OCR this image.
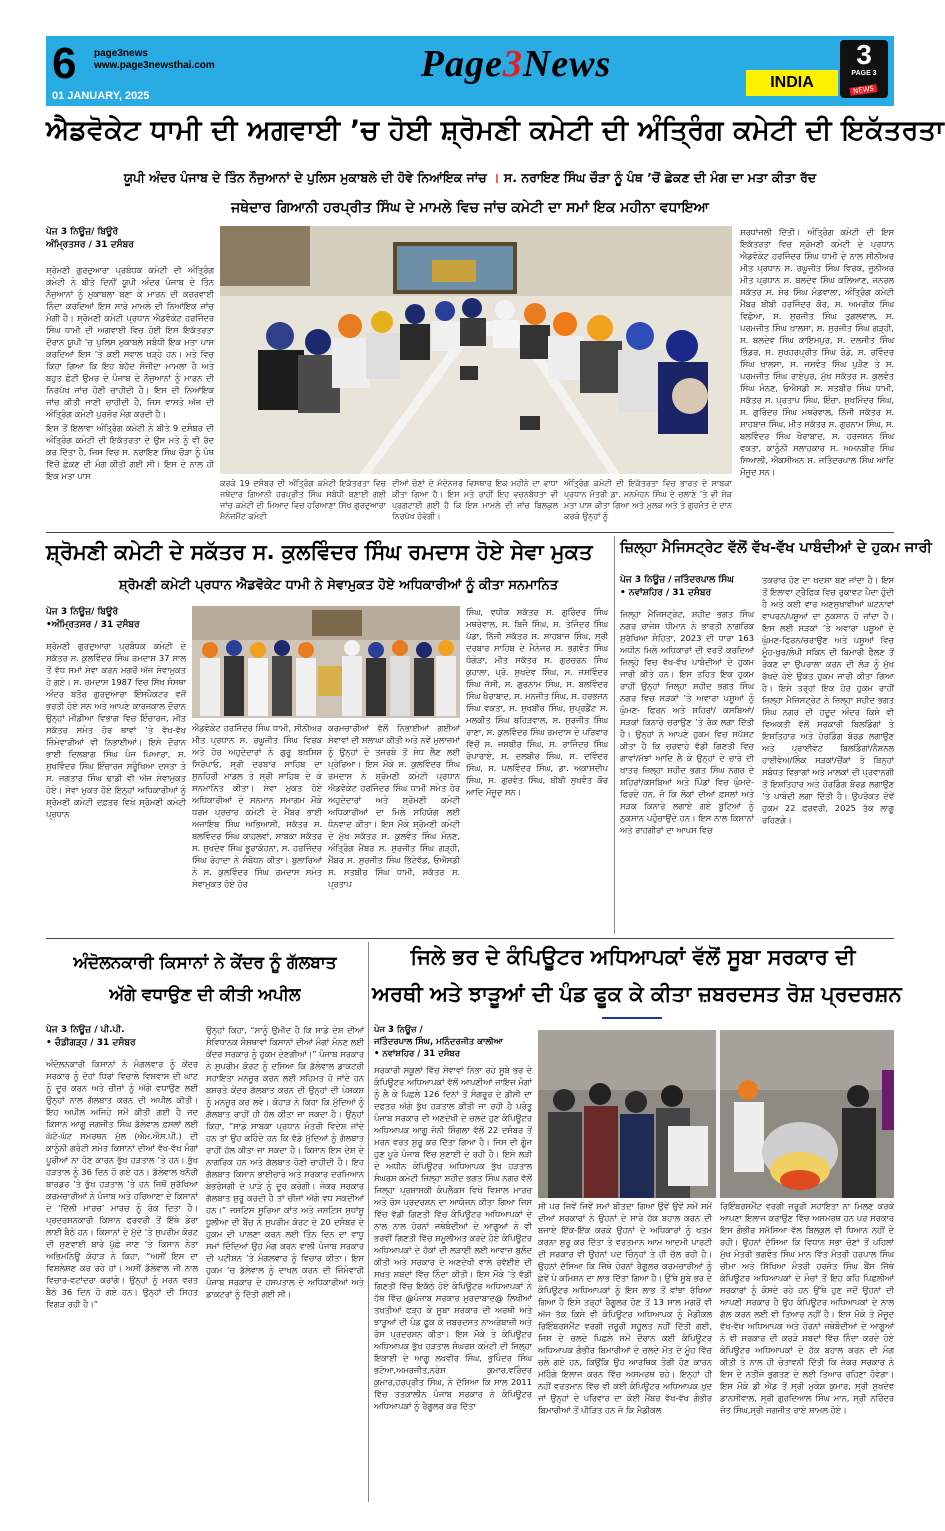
6 page3news
www.page3newsthai.com
01 JANUARY, 2025
Page3News	INDIA
3
PAGE 3
NEWS
ਐਡਵੋਕੇਟ ਧਾਮੀ ਦੀ ਅਗਵਾਈ ’ਚ ਹੋਈ ਸ਼੍ਰੋਮਣੀ ਕਮੇਟੀ ਦੀ ਅੰਤ੍ਰਿੰਗ ਕਮੇਟੀ ਦੀ ਇਕੱਤਰਤਾ
ਯੂਪੀ ਅੰਦਰ ਪੰਜਾਬ ਦੇ ਤਿੰਨ ਨੌਜੁਆਨਾਂ ਦੇ ਪੁਲਿਸ ਮੁਕਾਬਲੇ ਦੀ ਹੋਵੇ ਨਿਆਂਇਕ ਜਾਂਚ । ਸ. ਨਰਾਇਣ ਸਿੰਘ ਚੌੜਾ ਨੂੰ ਪੰਥ ’ਚੋਂ ਛੇਕਣ ਦੀ ਮੰਗ ਦਾ ਮਤਾ ਕੀਤਾ ਰੱਦ
ਜਥੇਦਾਰ ਗਿਆਨੀ ਹਰਪ੍ਰੀਤ ਸਿੰਘ ਦੇ ਮਾਮਲੇ ਵਿਚ ਜਾਂਚ ਕਮੇਟੀ ਦਾ ਸਮਾਂ ਇਕ ਮਹੀਨਾ ਵਧਾਇਆ
ਪੇਜ 3 ਨਿਊਜ਼/ ਬਿਊਰੋ
ਅੰਮ੍ਰਿਤਸਰ / 31 ਦਸੰਬਰ

ਸ਼੍ਰੋਮਣੀ ਗੁਰਦੁਆਰਾ ਪ੍ਰਬੰਧਕ ਕਮੇਟੀ ਦੀ ਅੰਤ੍ਰਿੰਗ ਕਮੇਟੀ ਨੇ ਬੀਤੇ ਦਿਨੀਂ ਯੂਪੀ ਅੰਦਰ ਪੰਜਾਬ ਦੇ ਤਿੰਨ ਨੌਜੁਆਨਾਂ ਨੂੰ ਮੁਕਾਬਲਾ ਬਣਾ ਕੇ ਮਾਰਨ ਦੀ ਕਰਰਵਾਈ ਨਿੰਦਾ ਕਰਦਿਆਂ ਇਸ ਸਾਰੇ ਮਾਮਲੇ ਦੀ ਨਿਆਂਇਕ ਜਾਂਚ ਮੰਗੀ ਹੈ। ਸ਼੍ਰੋਮਣੀ ਕਮੇਟੀ ਪ੍ਰਧਾਨ ਐਡਵੋਕੇਟ ਹਰਜਿੰਦਰ ਸਿੰਘ ਧਾਮੀ ਦੀ ਅਗਵਾਈ ਵਿਚ ਹੋਈ ਇਸ ਇਕੱਤਰਤਾ ਦੌਰਾਨ ਯੂਪੀ ’ਚ ਪੁਲਿਸ ਮੁਕਾਬਲੇ ਸਬੰਧੀ ਇਕ ਮਤਾ ਪਾਸ ਕਰਦਿਆਂ ਇਸ ’ਤੇ ਕਈ ਸਵਾਲ ਖੜ੍ਹੇ ਹਨ। ਮਤੇ ਵਿਚ ਕਿਹਾ ਗਿਆ ਕਿ ਇਹ ਬੇਹੱਦ ਸੰਜੀਦਾ ਮਾਮਲਾ ਹੈ ਅਤੇ ਬਹੁਤ ਛੋਟੀ ਉਮਰ ਦੇ ਪੰਜਾਬ ਦੇ ਨੌਜੁਆਨਾਂ ਨੂੰ ਮਾਰਨ ਦੀ ਨਿਰਪੱਖ ਜਾਂਚ ਹੋਣੀ ਚਾਹੀਦੀ ਹੈ। ਇਸ ਦੀ ਨਿਆਂਇਕ ਜਾਂਚ ਕੀਤੀ ਜਾਣੀ ਚਾਹੀਦੀ ਹੈ, ਜਿਸ ਵਾਸਤੇ ਅੱਜ ਦੀ ਅੰਤ੍ਰਿੰਗ ਕਮੇਟੀ ਪੁਰਜ਼ੋਰ ਮੰਗ ਕਰਦੀ ਹੈ।

ਇਸ ਤੋਂ ਇਲਾਵਾ ਅੰਤ੍ਰਿੰਗ ਕਮੇਟੀ ਨੇ ਬੀਤੇ 9 ਦਸੰਬਰ ਦੀ ਅੰਤ੍ਰਿੰਗ ਕਮੇਟੀ ਦੀ ਇਕੱਤਰਤਾ ਦੇ ਉਸ ਮਤੇ ਨੂੰ ਵੀ ਰੱਦ ਕਰ ਦਿੱਤਾ ਹੈ, ਜਿਸ ਵਿਚ ਸ. ਨਰਾਇਣ ਸਿੰਘ ਚੌੜਾ ਨੂੰ ਪੰਥ ਵਿੱਚੋਂ ਛੇਕਣ ਦੀ ਮੰਗ ਕੀਤੀ ਗਈ ਸੀ। ਇਸ ਦੇ ਨਾਲ ਹੀ ਇਕ ਮਤਾ ਪਾਸ

ਕਰਕੇ 19 ਦਸੰਬਰ ਦੀ ਅੰਤ੍ਰਿੰਗ ਕਮੇਟੀ ਇਕੱਤਰਤਾ ਵਿਚ ਜਥੇਦਾਰ ਗਿਆਨੀ ਹਰਪ੍ਰੀਤ ਸਿੰਘ ਸਬੰਧੀ ਬਣਾਈ ਗਈ ਜਾਂਚ ਕਮੇਟੀ ਦੀ ਮਿਆਦ ਵਿਚ ਹਰਿਆਣਾ ਸਿੱਖ ਗੁਰਦੁਆਰਾ ਮੈਨੇਜਮੈਂਟ ਕਮੇਟੀ
ਦੀਆਂ ਚੋਣਾਂ ਦੇ ਮੱਦੇਨਜ਼ਰ ਵਿਸਥਾਰ ਇਕ ਮਹੀਨੇ ਦਾ ਵਾਧਾ ਕੀਤਾ ਗਿਆ ਹੈ। ਇਸ ਮਤੇ ਰਾਹੀਂ ਇਹ ਵਚਨਬੱਧਤਾ ਵੀ ਪ੍ਰਗਟਾਈ ਗਈ ਹੈ ਕਿ ਇਸ ਮਾਮਲੇ ਦੀ ਜਾਂਚ ਬਿਲਕੁਲ ਨਿਰਪੱਖ ਹੋਵੇਗੀ।
ਅੰਤ੍ਰਿੰਗ ਕਮੇਟੀ ਦੀ ਇਕੱਤਰਤਾ ਵਿਚ ਭਾਰਤ ਦੇ ਸਾਬਕਾ ਪ੍ਰਧਾਨ ਮੰਤਰੀ ਡਾ. ਮਨਮੋਹਨ ਸਿੰਘ ਦੇ ਚਲਾਣੇ ’ਤੇ ਵੀ ਸ਼ੋਕ ਮਤਾ ਪਾਸ ਕੀਤਾ ਗਿਆ ਅਤੇ ਮੁਲਕ ਅਤੇ ਤੇ ਗੁਰਮੰਤ ਦੇ ਦਾਨ ਕਰਕੇ ਉਨ੍ਹਾਂ ਨੂੰ
ਸ਼ਰਧਾਂਜਲੀ ਦਿੱਤੀ। ਅੰਤ੍ਰਿੰਗ ਕਮੇਟੀ ਦੀ ਇਸ ਇਕੱਤਰਤਾ ਵਿਚ ਸ਼੍ਰੋਮਣੀ ਕਮੇਟੀ ਦੇ ਪ੍ਰਧਾਨ ਐਡਵੋਕੇਟ ਹਰਜਿੰਦਰ ਸਿੰਘ ਧਾਮੀ ਦੇ ਨਾਲ ਸੀਨੀਅਰ ਮੀਤ ਪ੍ਰਧਾਨ ਸ. ਰਘੂਜੀਤ ਸਿੰਘ ਵਿਰਕ, ਜੂਨੀਅਰ ਮੀਤ ਪ੍ਰਧਾਨ ਸ. ਬਲਦੇਵ ਸਿੰਘ ਕਲਿਆਣ, ਜਨਰਲ ਸਕੱਤਰ ਸ. ਸ਼ੇਰ ਸਿੰਘ ਮੰਡਵਾਲਾ, ਅੰਤ੍ਰਿੰਗ ਕਮੇਟੀ ਮੈਂਬਰ ਬੀਬੀ ਹਰਜਿੰਦਰ ਕੌਰ, ਸ. ਅਮਰੀਕ ਸਿੰਘ ਵਿਛੋਆ, ਸ. ਸੁਰਜੀਤ ਸਿੰਘ ਤੁਗਲਵਾਲ, ਸ. ਪਰਮਜੀਤ ਸਿੰਘ ਖ਼ਾਲਸਾ, ਸ. ਸੁਰਜੀਤ ਸਿੰਘ ਗੜ੍ਹੀ, ਸ. ਬਲਦੇਵ ਸਿੰਘ ਕਾਇਮਪੁਰ, ਸ. ਦਲਜੀਤ ਸਿੰਘ ਭਿੰਡਰ, ਸ. ਸੁਖਹਰਪ੍ਰੀਤ ਸਿੰਘ ਰੋਡੇ, ਸ. ਰਵਿੰਦਰ ਸਿੰਘ ਖ਼ਾਲਸਾ, ਸ. ਜਸਵੰਤ ਸਿੰਘ ਪੁੜੈਣ ਤੇ ਸ. ਪਰਮਜੀਤ ਸਿੰਘ ਰਾਏਪੁਰ, ਮੁੱਖ ਸਕੱਤਰ ਸ. ਕੁਲਵੰਤ ਸਿੰਘ ਮੰਨਣ, ਓਐਸਡੀ ਸ. ਸਤਬੀਰ ਸਿੰਘ ਧਾਮੀ, ਸਕੱਤਰ ਸ. ਪ੍ਰਤਾਪ ਸਿੰਘ, ਇੰਚਾ. ਸੁਖਮਿੰਦਰ ਸਿੰਘ, ਸ. ਗੁਰਿੰਦਰ ਸਿੰਘ ਮਥਰੇਵਾਲ, ਨਿੱਜੀ ਸਕੱਤਰ ਸ. ਸ਼ਾਹਬਾਜ਼ ਸਿੰਘ, ਮੀਤ ਸਕੱਤਰ ਸ. ਗੁਰਨਾਮ ਸਿੰਘ, ਸ. ਬਲਵਿੰਦਰ ਸਿੰਘ ਖੈਰਾਬਾਦ, ਸ. ਹਰਜਸ਼ਨ ਸਿੰਘ ਵਕਤਾ, ਕਾਨੂੰਨੀ ਸਲਾਹਕਾਰ ਸ. ਅਮਨਬੀਰ ਸਿੰਘ ਸਿਆਲੀ, ਐਕਸੀਅਨ ਸ. ਜਤਿੰਦਰਪਾਲ ਸਿੰਘ ਆਦਿ ਮੌਜੂਦ ਸਨ।
ਸ਼੍ਰੋਮਣੀ ਕਮੇਟੀ ਦੇ ਸਕੱਤਰ ਸ. ਕੁਲਵਿੰਦਰ ਸਿੰਘ ਰਮਦਾਸ ਹੋਏ ਸੇਵਾ ਮੁਕਤ
ਸ਼੍ਰੋਮਣੀ ਕਮੇਟੀ ਪ੍ਰਧਾਨ ਐਡਵੋਕੇਟ ਧਾਮੀ ਨੇ ਸੇਵਾਮੁਕਤ ਹੋਏ ਅਧਿਕਾਰੀਆਂ ਨੂੰ ਕੀਤਾ ਸਨਮਾਨਿਤ
ਪੇਜ 3 ਨਿਊਜ਼/ ਬਿਊਰੋ
•ਅੰਮ੍ਰਿਤਸਰ / 31 ਦਸੰਬਰ
ਸ਼੍ਰੋਮਣੀ ਗੁਰਦੁਆਰਾ ਪ੍ਰਬੰਧਕ ਕਮੇਟੀ ਦੇ ਸਕੱਤਰ ਸ. ਕੁਲਵਿੰਦਰ ਸਿੰਘ ਰਮਦਾਸ 37 ਸਾਲ ਤੋਂ ਵੱਧ ਸਮਾਂ ਸੇਵਾ ਕਰਨ ਮਗਰੋਂ ਅੱਜ ਸੇਵਾਮੁਕਤ ਹੋ ਗਏ। ਸ. ਰਮਦਾਸ 1987 ਵਿਚ ਸਿੱਖ ਸੰਸਥਾ ਅੰਦਰ ਬਤੌਰ ਗੁਰਦੁਆਰਾ ਇੰਸਪੈਕਟਰ ਵਜੋਂ ਭਰਤੀ ਹੋਏ ਸਨ ਅਤੇ ਆਪਣੇ ਕਾਰਜਕਾਲ ਦੌਰਾਨ ਉਨ੍ਹਾਂ ਮੀਡੀਆ ਵਿਭਾਗ ਵਿਚ ਇੰਚਾਰਜ, ਮੀਤ ਸਕੱਤਰ ਸਮੇਤ ਹੋਰ ਥਾਵਾਂ ’ਤੇ ਵੱਖ-ਵੱਖ ਜ਼ਿੰਮੇਵਾਰੀਆਂ ਵੀ ਨਿਭਾਈਆਂ। ਇਸੇ ਦੌਰਾਨ ਭਾਈ ਦਿਲਬਾਗ ਸਿੰਘ ਪੰਜ ਪਿਆਰਾ, ਸ. ਸੁਖਵਿੰਦਰ ਸਿੰਘ ਇੰਚਾਰਜ ਸਰੂੰਖਿਆ ਦਸਤਾ ਤੇ ਸ. ਜਗਤਾਰ ਸਿੰਘ ਢਾਡੀ ਵੀ ਅੱਜ ਸੇਵਾਮੁਕਤ ਹੋਏ। ਸੇਵਾ ਮੁਕਤ ਹੋਏ ਇਨ੍ਹਾਂ ਅਧਿਕਾਰੀਆਂ ਨੂੰ ਸ਼੍ਰੋਮਣੀ ਕਮੇਟੀ ਦਫ਼ਤਰ ਵਿਖੇ ਸ਼੍ਰੋਮਣੀ ਕਮੇਟੀ ਪ੍ਰਧਾਨ
ਐਡਵੋਕੇਟ ਹਰਜਿੰਦਰ ਸਿੰਘ ਧਾਮੀ, ਸੀਨੀਅਰ ਮੀਤ ਪ੍ਰਧਾਨ ਸ. ਰਘੂਜੀਤ ਸਿੰਘ ਵਿਰਕ ਅਤੇ ਹੋਰ ਅਹੁਦੇਦਾਰਾਂ ਨੇ ਗੁਰੂ ਬਖ਼ਸ਼ਿਸ਼ ਸਿਰੋਪਾਓ, ਸ੍ਰੀ ਦਰਬਾਰ ਸਾਹਿਬ ਦਾ ਸੁਨਹਿਰੀ ਮਾਡਲ ਤੇ ਸ੍ਰੀ ਸਾਹਿਬ ਦੇ ਕੇ ਸਨਮਾਨਿਤ ਕੀਤਾ। ਸੇਵਾ ਮੁਕਤ ਹੋਏ ਅਧਿਕਾਰੀਆਂ ਦੇ ਸਨਮਾਨ ਸਮਾਗਮ ਮੌਕੇ ਧਰਮ ਪ੍ਰਚਾਰ ਕਮੇਟੀ ਦੇ ਮੈਂਬਰ ਭਾਈ ਅਜਾਇਬ ਸਿੰਘ ਅਭਿਆਸੀ, ਸਕੱਤਰ ਸ. ਬਲਵਿੰਦਰ ਸਿੰਘ ਕਾਹਲਵਾਂ, ਸਾਬਕਾ ਸਕੱਤਰ ਸ. ਸੁਖਦੇਵ ਸਿੰਘ ਭੂਰਾਕੋਹਨਾ, ਸ. ਹਰਜਿੰਦਰ ਸਿੰਘ ਰੋਹਾਦਾ ਨੇ ਸੰਬੋਧਨ ਕੀਤਾ। ਬੁਲਾਰਿਆਂ ਨੇ ਸ. ਕੁਲਵਿੰਦਰ ਸਿੰਘ ਰਮਦਾਸ ਸਮੇਤ ਸੇਵਾਮੁਕਤ ਹੋਏ ਹੋਰ
ਕਰਮਚਾਰੀਆਂ ਵੱਲੋਂ ਨਿਭਾਈਆਂ ਗਈਆਂ ਸੇਵਾਵਾਂ ਦੀ ਸ਼ਲਾਘਾ ਕੀਤੀ ਅਤੇ ਨਵੇਂ ਮੁਲਾਜ਼ਮਾਂ ਨੂੰ ਉਨ੍ਹਾਂ ਦੇ ਤਜਰਬੇ ਤੋਂ ਸੇਧ ਲੈਣ ਲਈ ਪ੍ਰੇਰਿਆ। ਇਸ ਮੌਕੇ ਸ. ਕੁਲਵਿੰਦਰ ਸਿੰਘ ਰਮਦਾਸ ਨੇ ਸ਼੍ਰੋਮਣੀ ਕਮੇਟੀ ਪ੍ਰਧਾਨ ਐਡਵੋਕੇਟ ਹਰਜਿੰਦਰ ਸਿੰਘ ਧਾਮੀ ਸਮੇਤ ਹੋਰ ਅਹੁਦੇਦਾਰਾਂ ਅਤੇ ਸ਼੍ਰੋਮਣੀ ਕਮੇਟੀ ਅਧਿਕਾਰੀਆਂ ਦਾ ਮਿਲੇ ਸਹਿਯੋਗ ਲਈ ਧੰਨਵਾਦ ਕੀਤਾ। ਇਸ ਮੌਕੇ ਸ਼੍ਰੋਮਣੀ ਕਮੇਟੀ ਦੇ ਮੁੱਖ ਸਕੱਤਰ ਸ. ਕੁਲਵੰਤ ਸਿੰਘ ਮੰਨਣ, ਅੰਤ੍ਰਿੰਗ ਮੈਂਬਰ ਸ. ਸੁਰਜੀਤ ਸਿੰਘ ਗੜ੍ਹੀ, ਮੈਂਬਰ ਸ. ਸੁਰਜੀਤ ਸਿੰਘ ਭਿੱਟੇਵੱਡ, ਓਐਸਡੀ ਸ. ਸਤਬੀਰ ਸਿੰਘ ਧਾਮੀ, ਸਕੱਤਰ ਸ. ਪ੍ਰਤਾਪ
ਸਿੰਘ, ਵਧੀਕ ਸਕੱਤਰ ਸ. ਗੁਰਿੰਦਰ ਸਿੰਘ ਮਥਰੇਵਾਲ, ਸ. ਬਿਜੈ ਸਿੰਘ, ਸ. ਤੇਜਿੰਦਰ ਸਿੰਘ ਪੱਡਾ, ਨਿੱਜੀ ਸਕੱਤਰ ਸ. ਸ਼ਾਹਬਾਜ਼ ਸਿੰਘ, ਸ੍ਰੀ ਦਰਬਾਰ ਸਾਹਿਬ ਦੇ ਮੈਨੇਜਰ ਸ. ਭਗਵੰਤ ਸਿੰਘ ਧੰਗੇੜਾ, ਮੀਤ ਸਕੱਤਰ ਸ. ਗੁਰਚਰਨ ਸਿੰਘ ਕੁਹਾਲਾ, ਪ੍ਰੋ. ਸੁਖਦੇਵ ਸਿੰਘ, ਸ. ਜਸਵਿੰਦਰ ਸਿੰਘ ਜੱਸੀ, ਸ. ਗੁਰਨਾਮ ਸਿੰਘ, ਸ. ਬਲਵਿੰਦਰ ਸਿੰਘ ਖੈਰਾਬਾਦ, ਸ. ਮਨਜੀਤ ਸਿੰਘ, ਸ. ਹਰਭਜਨ ਸਿੰਘ ਵਕਤਾ, ਸ. ਸੁਖਬੀਰ ਸਿੰਘ, ਸੁਪ੍ਰਡੈਂਟ ਸ. ਮਲਕੀਤ ਸਿੰਘ ਬਹਿੜਵਾਲ, ਸ. ਸੁਰਜੀਤ ਸਿੰਘ ਰਾਣਾ, ਸ. ਕੁਲਵਿੰਦਰ ਸਿੰਘ ਰਮਦਾਸ ਦੇ ਪਰਿਵਾਰ ਵਿੱਚੋਂ ਸ. ਜਸਬੀਰ ਸਿੰਘ, ਸ. ਰਾਜਿੰਦਰ ਸਿੰਘ ਰੋਪਾਰਾਏ, ਸ. ਦਲਬੀਰ ਸਿੰਘ, ਸ. ਦਵਿੰਦਰ ਸਿੰਘ, ਸ. ਪਲਵਿੰਦਰ ਸਿੰਘ, ਡਾ. ਅਕਾਸ਼ਦੀਪ ਸਿੰਘ, ਸ. ਗੁਰਵੰਤ ਸਿੰਘ, ਬੀਬੀ ਸੁਖਵੰਤ ਕੌਰ ਆਦਿ ਮੌਜੂਦ ਸਨ।
ਜ਼ਿਲ੍ਹਾ ਮੈਜਿਸਟ੍ਰੇਟ ਵੱਲੋਂ ਵੱਖ-ਵੱਖ ਪਾਬੰਦੀਆਂ ਦੇ ਹੁਕਮ ਜਾਰੀ
ਪੇਜ 3 ਨਿਊਜ਼ / ਜਤਿੰਦਰਪਾਲ ਸਿੰਘ
• ਨਵਾਂਸ਼ਹਿਰ / 31 ਦਸੰਬਰ
ਜ਼ਿਲ੍ਹਾ ਮੈਜਿਸਟ੍ਰੇਟ, ਸ਼ਹੀਦ ਭਗਤ ਸਿੰਘ ਨਗਰ ਰਾਜੇਸ਼ ਧੀਮਾਨ ਨੇ ਭਾਰਤੀ ਨਾਗਰਿਕ ਸੁਰੱਖਿਆ ਸੰਹਿਤਾ, 2023 ਦੀ ਧਾਰਾ 163 ਅਧੀਨ ਮਿਲੇ ਅਧਿਕਾਰਾਂ ਦੀ ਵਰਤੋਂ ਕਰਦਿਆਂ ਜ਼ਿਲ੍ਹੇ ਵਿਚ ਵੱਖ-ਵੱਖ ਪਾਬੰਦੀਆਂ ਦੇ ਹੁਕਮ ਜਾਰੀ ਕੀਤੇ ਹਨ। ਇਸ ਤਹਿਤ ਇਕ ਹੁਕਮ ਰਾਹੀਂ ਉਨ੍ਹਾਂ ਜ਼ਿਲ੍ਹਾ ਸ਼ਹੀਦ ਭਗਤ ਸਿੰਘ ਨਗਰ ਵਿਚ ਸੜਕਾਂ ’ਤੇ ਅਵਾਰਾ ਪਸ਼ੂਆਂ ਨੂੰ ਘੁੰਮਣ- ਫਿਰਨ ਅਤੇ ਸ਼ਹਿਰਾਂ/ ਕਸਬਿਆਂ/ ਸੜਕਾਂ ਕਿਨਾਰੇ ਚਰਾਉਣ ’ਤੇ ਰੋਕ ਲਗਾ ਦਿੱਤੀ ਹੈ। ਉਨ੍ਹਾਂ ਨੇ ਆਪਣੇ ਹੁਕਮ ਵਿਚ ਸਪੱਸ਼ਟ ਕੀਤਾ ਹੈ ਕਿ ਚਰਵਾਹੇ ਵੱਡੀ ਗਿਣਤੀ ਵਿਚ ਗਾਵਾਂ/ਮੱਝਾਂ ਆਦਿ ਲੈ ਕੇ ਉਨ੍ਹਾਂ ਦੇ ਚਾਰੇ ਦੀ ਖ਼ਾਤਰ ਜ਼ਿਲ੍ਹਾ ਸ਼ਹੀਦ ਭਗਤ ਸਿੰਘ ਨਗਰ ਦੇ ਸ਼ਹਿਰਾਂ/ਕਸਬਿਆਂ ਅਤੇ ਪਿੰਡਾਂ ਵਿਚ ਘੁੰਮਦੇ-ਫਿਰਦੇ ਹਨ, ਜੋ ਕਿ ਲੋਕਾਂ ਦੀਆਂ ਫ਼ਸਲਾਂ ਅਤੇ ਸੜਕ ਕਿਨਾਰੇ ਲਗਾਏ ਗਏ ਬੂਟਿਆਂ ਨੂੰ ਨੁਕਸਾਨ ਪਹੁੰਚਾਉਂਦੇ ਹਨ। ਇਸ ਨਾਲ ਕਿਸਾਨਾਂ ਅਤੇ ਰਾਹਗੀਰਾਂ ਦਾ ਆਪਸ ਵਿਚ
ਤਕਰਾਰ ਹੋਣ ਦਾ ਖਦਸ਼ਾ ਬਣ ਜਾਂਦਾ ਹੈ। ਇਸ ਤੋਂ ਇਲਾਵਾ ਟ੍ਰੈਫਿਕ ਵਿਚ ਰੁਕਾਵਟ ਪੈਦਾ ਹੁੰਦੀ ਹੈ ਅਤੇ ਕਈ ਵਾਰ ਅਣਸੁਖਾਵੀਆਂ ਘਟਨਾਵਾਂ ਵਾਪਰਨ/ਪਸ਼ੂਆਂ ਦਾ ਨੁਕਸਾਨ ਹੋ ਜਾਂਦਾ ਹੈ। ਇਸ ਲਈ ਸੜਕਾਂ ’ਤੇ ਅਵਾਰਾ ਪਸ਼ੂਆਂ ਦੇ ਘੁੰਮਣ-ਫਿਰਨ/ਚਰਾਉਣ ਅਤੇ ਪਸ਼ੂਆਂ ਵਿਚ ਮੂੰਹ-ਖੁਰ/ਲੰਪੀ ਸਕਿਨ ਦੀ ਬਿਮਾਰੀ ਫੈਲਣ ਤੋਂ ਰੋਕਣ ਦਾ ਉਪਰਾਲਾ ਕਰਨ ਦੀ ਲੋੜ ਨੂੰ ਮੁੱਖ ਰੱਖਦੇ ਹੋਏ ਉਕਤ ਹੁਕਮ ਜਾਰੀ ਕੀਤਾ ਗਿਆ ਹੈ। ਇਸੇ ਤਰ੍ਹਾਂ ਇਕ ਹੋਰ ਹੁਕਮ ਰਾਹੀਂ ਜ਼ਿਲ੍ਹਾ ਮੈਜਿਸਟ੍ਰੇਟ ਨੇ ਜ਼ਿਲ੍ਹਾ ਸ਼ਹੀਦ ਭਗਤ ਸਿੰਘ ਨਗਰ ਦੀ ਹਦੂਦ ਅੰਦਰ ਕਿਸੇ ਵੀ ਵਿਅਕਤੀ ਵੱਲੋਂ ਸਰਕਾਰੀ ਬਿਲਡਿੰਗਾਂ ਤੇ ਇਸ਼ਤਿਹਾਰ ਅਤੇ ਹੋਰਡਿੰਗ ਬੋਰਡ ਲਗਾਉਣ ਅਤੇ ਪ੍ਰਾਈਵੇਟ ਬਿਲਡਿੰਗਾਂ/ਨੈਸ਼ਨਲ ਹਾਈਵੇਅ/ਲਿੰਕ ਸੜਕਾਂ/ਚੌਂਕਾਂ ਤੇ ਬਿਨ੍ਹਾਂ ਸਬੰਧਤ ਵਿਭਾਗਾਂ ਅਤੇ ਮਾਲਕਾਂ ਦੀ ਪ੍ਰਵਾਨਗੀ ਤੋਂ ਇਸ਼ਤਿਹਾਰ ਅਤੇ ਹੋਰਡਿੰਗ ਬੋਰਡ ਲਗਾਉਣ ’ਤੇ ਪਾਬੰਦੀ ਲਗਾ ਦਿੱਤੀ ਹੈ। ਉਪਰੋਕਤ ਦੋਵੇਂ ਹੁਕਮ 22 ਫਰਵਰੀ, 2025 ਤੱਕ ਲਾਗੂ ਰਹਿਣਗੇ।
ਅੰਦੋਲਨਕਾਰੀ ਕਿਸਾਨਾਂ ਨੇ ਕੇਂਦਰ ਨੂੰ ਗੱਲਬਾਤ
ਅੱਗੇ ਵਧਾਉਣ ਦੀ ਕੀਤੀ ਅਪੀਲ
ਪੇਜ 3 ਨਿਊਜ਼ / ਪੀ.ਪੀ.
• ਚੰਡੀਗੜ੍ਹ / 31 ਦਸੰਬਰ
ਅੰਦੋਲਨਕਾਰੀ ਕਿਸਾਨਾਂ ਨੇ ਮੰਗਲਵਾਰ ਨੂੰ ਕੇਂਦਰ ਸਰਕਾਰ ਨੂੰ ਦੋਹਾਂ ਧਿਰਾਂ ਵਿਚਾਲੇ ਵਿਸ਼ਵਾਸ ਦੀ ਘਾਟ ਨੂੰ ਦੂਰ ਕਰਨ ਅਤੇ ਚੀਜ਼ਾਂ ਨੂੰ ਅੱਗੇ ਵਧਾਉਣ ਲਈ ਉਨ੍ਹਾਂ ਨਾਲ ਗੱਲਬਾਤ ਕਰਨ ਦੀ ਅਪੀਲ ਕੀਤੀ। ਇਹ ਅਪੀਲ ਅਜਿਹੇ ਸਮੇਂ ਕੀਤੀ ਗਈ ਹੈ ਜਦ ਕਿਸਾਨ ਆਗੂ ਜਗਜੀਤ ਸਿੰਘ ਡੱਲੇਵਾਲ ਫ਼ਸਲਾਂ ਲਈ ਘੱਟੋ-ਘੱਟ ਸਮਰਥਨ ਮੁੱਲ (ਐਮ.ਐਸ.ਪੀ.) ਦੀ ਕਾਨੂੰਨੀ ਗਰੰਟੀ ਸਮੇਤ ਕਿਸਾਨਾਂ ਦੀਆਂ ਵੱਖ-ਵੱਖ ਮੰਗਾਂ ਪੂਰੀਆਂ ਨਾ ਹੋਣ ਕਾਰਨ ਭੁੱਖ ਹੜਤਾਲ ’ਤੇ ਹਨ। ਭੁੱਖ ਹੜਤਾਲ ਨੂੰ 36 ਦਿਨ ਹੋ ਗਏ ਹਨ। ਡੱਲੇਵਾਲ ਖਨੌਰੀ ਬਾਰਡਰ ’ਤੇ ਭੁੱਖ ਹੜਤਾਲ ’ਤੇ ਹਨ ਜਿਥੋਂ ਸੁਰੱਖਿਆ ਕਰਮਚਾਰੀਆਂ ਨੇ ਪੰਜਾਬ ਅਤੇ ਹਰਿਆਣਾ ਦੇ ਕਿਸਾਨਾਂ ਦੇ ‘ਦਿੱਲੀ ਮਾਰਚ’ ਮਾਰਚ ਨੂੰ ਰੋਕ ਦਿਤਾ ਹੈ। ਪ੍ਰਦਰਸ਼ਨਕਾਰੀ ਕਿਸਾਨ ਫਰਵਰੀ ਤੋਂ ਇੱਥੇ ਡੇਰਾ ਲਾਈ ਬੈਠੇ ਹਨ। ਕਿਸਾਨਾਂ ਦੇ ਮੁੱਦੇ ’ਤੇ ਸੁਪਰੀਮ ਕੋਰਟ ਦੀ ਸੁਣਵਾਈ ਬਾਰੇ ਪੁੱਛੇ ਜਾਣ ’ਤੇ ਕਿਸਾਨ ਨੇਤਾ ਅਭਿਮਨਿਊ ਕੋਹਾੜ ਨੇ ਕਿਹਾ, “ਅਸੀਂ ਇਸ ਦਾ ਵਿਸ਼ਲੇਸ਼ਣ ਕਰ ਰਹੇ ਹਾਂ। ਅਸੀਂ ਡੱਲੇਵਾਲ ਜੀ ਨਾਲ ਵਿਚਾਰ-ਵਟਾਂਦਰਾ ਕਰਾਂਗੇ। ਉਨ੍ਹਾਂ ਨੂੰ ਮਰਨ ਵਰਤ ਬੈਠੇ 36 ਦਿਨ ਹੋ ਗਏ ਹਨ। ਉਨ੍ਹਾਂ ਦੀ ਸਿਹਤ ਵਿਗੜ ਰਹੀ ਹੈ।”
ਉਨ੍ਹਾਂ ਕਿਹਾ, “ਸਾਨੂੰ ਉਮੀਦ ਹੈ ਕਿ ਸਾਡੇ ਦੇਸ਼ ਦੀਆਂ ਸੰਵਿਧਾਨਕ ਸੰਸਥਾਵਾਂ ਕਿਸਾਨਾਂ ਦੀਆਂ ਮੰਗਾਂ ਮੰਨਣ ਲਈ ਕੇਂਦਰ ਸਰਕਾਰ ਨੂੰ ਹੁਕਮ ਦੇਣਗੀਆਂ।” ਪੰਜਾਬ ਸਰਕਾਰ ਨੇ ਸੁਪਰੀਮ ਕੋਰਟ ਨੂੰ ਦਸਿਆ ਕਿ ਡੱਲੇਵਾਲ ਡਾਕਟਰੀ ਸਹਾਇਤਾ ਮਨਜ਼ੂਰ ਕਰਨ ਲਈ ਸਹਿਮਤ ਹੋ ਜਾਂਦੇ ਹਨ ਬਸ਼ਰਤੇ ਕੇਂਦਰ ਗੱਲਬਾਤ ਕਰਨ ਦੀ ਉਨ੍ਹਾਂ ਦੀ ਪੇਸ਼ਕਸ਼ ਨੂੰ ਮਨਜ਼ੂਰ ਕਰ ਲਵੇ। ਕੋਹਾੜ ਨੇ ਕਿਹਾ ਕਿ ਮੁੱਦਿਆਂ ਨੂੰ ਗੱਲਬਾਤ ਰਾਹੀਂ ਹੀ ਹੱਲ ਕੀਤਾ ਜਾ ਸਕਦਾ ਹੈ। ਉਨ੍ਹਾਂ ਕਿਹਾ, “ਸਾਡੇ ਸਾਬਕਾ ਪ੍ਰਧਾਨ ਮੰਤਰੀ ਵਿਦੇਸ਼ ਜਾਂਦੇ ਹਨ ਤਾਂ ਉਹ ਕਹਿੰਦੇ ਹਨ ਕਿ ਵੱਡੇ ਮੁੱਦਿਆਂ ਨੂੰ ਗੱਲਬਾਤ ਰਾਹੀਂ ਹੱਲ ਕੀਤਾ ਜਾ ਸਕਦਾ ਹੈ। ਕਿਸਾਨ ਇਸ ਦੇਸ਼ ਦੇ ਨਾਗਰਿਕ ਹਨ ਅਤੇ ਗੱਲਬਾਤ ਹੋਣੀ ਚਾਹੀਦੀ ਹੈ। ਇਹ ਗੱਲਬਾਤ ਕਿਸਾਨ ਭਾਈਚਾਰੇ ਅਤੇ ਸਰਕਾਰ ਦਰਮਿਆਨ ਬੇਭਰੋਸਗੀ ਦੇ ਪਾੜੇ ਨੂੰ ਦੂਰ ਕਰੇਗੀ। ਜੇਕਰ ਸਰਕਾਰ ਗੱਲਬਾਤ ਸ਼ੁਰੂ ਕਰਦੀ ਹੈ ਤਾਂ ਚੀਜ਼ਾਂ ਅੱਗੇ ਵਧ ਸਕਦੀਆਂ ਹਨ।” ਜਸਟਿਸ ਸੂਰਿਆ ਕਾਂਤ ਅਤੇ ਜਸਟਿਸ ਸੁਧਾਂਸ਼ੂ ਧੂਲੀਆ ਦੀ ਬੈਂਚ ਨੇ ਸੁਪਰੀਮ ਕੋਰਟ ਦੇ 20 ਦਸੰਬਰ ਦੇ ਹੁਕਮ ਦੀ ਪਾਲਣਾ ਕਰਨ ਲਈ ਤਿੰਨ ਦਿਨ ਦਾ ਵਾਧੂ ਸਮਾਂ ਦਿੰਦਿਆਂ ਉਹ ਮੰਗ ਕਰਨ ਵਾਲੀ ਪੰਜਾਬ ਸਰਕਾਰ ਦੀ ਪਟੀਸ਼ਨ ’ਤੇ ਮੰਗਲਵਾਰ ਨੂੰ ਵਿਚਾਰ ਕੀਤਾ। ਇਸ ਹੁਕਮ ’ਚ ਡੱਲੇਵਾਲ ਨੂੰ ਦਾਖਲ ਕਰਨ ਦੀ ਜ਼ਿੰਮੇਵਾਰੀ ਪੰਜਾਬ ਸਰਕਾਰ ਦੇ ਹਸਪਤਾਲ ਦੇ ਅਧਿਕਾਰੀਆਂ ਅਤੇ ਡਾਕਟਰਾਂ ਨੂੰ ਦਿੱਤੀ ਗਈ ਸੀ।
ਜਿਲੇ ਭਰ ਦੇ ਕੰਪਿਊਟਰ ਅਧਿਆਪਕਾਂ ਵੱਲੋਂ ਸੂਬਾ ਸਰਕਾਰ ਦੀ
ਅਰਥੀ ਅਤੇ ਝਾੜੂਆਂ ਦੀ ਪੰਡ ਫੂਕ ਕੇ ਕੀਤਾ ਜ਼ਬਰਦਸਤ ਰੋਸ਼ ਪ੍ਰਦਰਸ਼ਨ
ਪੇਜ 3 ਨਿਊਜ਼ /
ਜਤਿੰਦਰਪਾਲ ਸਿੰਘ, ਮਨਿੰਦਰਜੀਤ ਕਾਲੀਆ
• ਨਵਾਂਸ਼ਹਿਰ / 31 ਦਸੰਬਰ
ਸਰਕਾਰੀ ਸਕੂਲਾਂ ਵਿੱਚ ਸੇਵਾਵਾਂ ਨਿਭਾ ਰਹੇ ਸੂਬੇ ਭਰ ਦੇ ਕੰਪਿਊਟਰ ਅਧਿਆਪਕਾਂ ਵੱਲੋਂ ਆਪਣੀਆਂ ਜਾਇਜ਼ ਮੰਗਾਂ ਨੂੰ ਲੈ ਕੇ ਪਿਛਲੇ 126 ਦਿਨਾਂ ਤੋਂ ਸੰਗਰੂਰ ਦੇ ਡੀਸੀ ਦਾ ਦਫਤਰ ਅੱਗੇ ਭੁੱਖ ਹੜਤਾਲ ਕੀਤੀ ਜਾ ਰਹੀ ਹੈ ਪਰੰਤੂ ਪੰਜਾਬ ਸਰਕਾਰ ਦੀ ਅਣਦੇਖੀ ਦੇ ਚਲਦੇ ਹੁਣ ਕੰਪਿਊਟਰ ਅਧਿਆਪਕ ਆਗੂ ਜੋਨੀ ਸਿੰਗਲਾ ਵੱਲੋਂ 22 ਦਸੰਬਰ ਤੋਂ ਮਰਨ ਵਰਤ ਸ਼ੁਰੂ ਕਰ ਦਿੱਤਾ ਗਿਆ ਹੈ। ਜਿਸ ਦੀ ਗੂੰਜ ਹੁਣ ਪੂਰੇ ਪੰਜਾਬ ਵਿੱਚ ਸੁਣਾਈ ਦੇ ਰਹੀ ਹੈ। ਇਸੇ ਲੜੀ ਦੇ ਅਧੀਨ ਕੰਪਿਊਟਰ ਅਧਿਆਪਕ ਭੁੱਖ ਹੜਤਾਲ ਸੰਘਰਸ਼ ਕਮੇਟੀ ਜਿਲ੍ਹਾ ਸ਼ਹੀਦ ਭਗਤ ਸਿੰਘ ਨਗਰ ਵੱਲੋਂ ਜਿਲ੍ਹਾ ਪ੍ਰਸ਼ਾਸਕੀ ਕੰਪਲੈਕਸ ਵਿਖੇ ਵਿਸ਼ਾਲ ਮਾਰਚ ਅਤੇ ਰੋਸ ਪ੍ਰਦਰਸ਼ਨ ਦਾ ਆਯੋਜਨ ਕੀਤਾ ਗਿਆ ਜਿਸ ਵਿੱਚ ਵੱਡੀ ਗਿਣਤੀ ਵਿੱਚ ਕੰਪਿਊਟਰ ਅਧਿਆਪਕਾਂ ਦੇ ਨਾਲ ਨਾਲ ਹੋਰਨਾਂ ਜਥੇਬੰਦੀਆਂ ਦੇ ਆਗੂਆਂ ਨੇ ਵੀ ਭਰਵੀਂ ਗਿਣਤੀ ਵਿੱਚ ਸ਼ਮੂਲੀਅਤ ਕਰਦੇ ਹੋਏ ਕੰਪਿਊਟਰ ਅਧਿਆਪਕਾਂ ਦੇ ਹੱਕਾਂ ਦੀ ਲੜਾਈ ਲਈ ਆਵਾਜ਼ ਬੁਲੰਦ ਕੀਤੀ ਅਤੇ ਸਰਕਾਰ ਦੇ ਅਣਦੇਖੀ ਵਾਲੇ ਰਵੱਈਏ ਦੀ ਸਖ਼ਤ ਸ਼ਬਦਾਂ ਵਿੱਚ ਨਿੰਦਾ ਕੀਤੀ। ਇਸ ਮੌਕੇ ’ਤੇ ਵੱਡੀ ਗਿਣਤੀ ਵਿੱਚ ਇਕੱਠੇ ਹੋਏ ਕੰਪਿਊਟਰ ਅਧਿਆਪਕਾਂ ਨੇ ਹੱਥ ਵਿੱਚ @ਪੰਜਾਬ ਸਰਕਾਰ ਮੁਰਦਾਬਾਦ@ ਲਿਖੀਆਂ ਤਖਤੀਆਂ ਫੜ੍ਹ ਕੇ ਸੂਬਾ ਸਰਕਾਰ ਦੀ ਅਰਥੀ ਅਤੇ ਝਾੜੂਆਂ ਦੀ ਪੰਡ ਫੂਕ ਕੇ ਜ਼ਬਰਦਸਤ ਨਾਅਰੇਬਾਜ਼ੀ ਅਤੇ ਰੋਸ ਪ੍ਰਦਰਸ਼ਨ ਕੀਤਾ। ਇਸ ਮੌਕੇ ਤੇ ਕੰਪਿਊਟਰ ਅਧਿਆਪਕ ਭੁੱਖ ਹੜਤਾਲ ਸੰਘਰਸ਼ ਕਮੇਟੀ ਦੀ ਜ਼ਿਲ੍ਹਾ ਇਕਾਈ ਦੇ ਆਗੂ ਲਖਵੀਰ ਸਿੰਘ, ਭੁਪਿੰਦਰ ਸਿੰਘ ਭਟੋਆ,ਅਮਰਜੀਤ,ਨਰੇਸ਼ ਕੁਮਾਰ,ਵਰਿੰਦਰ ਕੁਮਾਰ,ਹਰਪ੍ਰੀਤ ਸਿੰਘ, ਨੇ ਦੱਸਿਆ ਕਿ ਸਾਲ 2011 ਵਿੱਚ ਤਤਕਾਲੀਨ ਪੰਜਾਬ ਸਰਕਾਰ ਨੇ ਕੰਪਿਊਟਰ ਅਧਿਆਪਕਾਂ ਨੂੰ ਰੈਗੂਲਰ ਕਰ ਦਿੱਤਾ
ਸੀ ਪਰ ਜਿਵੇਂ ਜਿਵੇਂ ਸਮਾਂ ਬੀਤਦਾ ਗਿਆ ਉਵੇਂ ਉਵੇਂ ਸਮੇਂ ਸਮੇਂ ਦੀਆਂ ਸਰਕਾਰਾਂ ਨੇ ਉਹਨਾਂ ਦੇ ਸਾਰੇ ਹੱਕ ਬਹਾਲ ਕਰਨ ਦੀ ਬਜਾਏ ਇੱਕ-ਇੱਕ ਕਰਕੇ ਉਹਨਾਂ ਦੇ ਅਧਿਕਾਰਾਂ ਨੂੰ ਖਤਮ ਕਰਨਾ ਸ਼ੁਰੂ ਕਰ ਦਿੱਤਾ ਤੇ ਵਰਤਮਾਨ ਆਮ ਆਦਮੀ ਪਾਰਟੀ ਦੀ ਸਰਕਾਰ ਵੀ ਉਹਨਾਂ ਪਦ ਚਿੰਨ੍ਹਾਂ ਤੇ ਹੀ ਚੱਲ ਰਹੀ ਹੈ। ਉਹਨਾਂ ਦੱਸਿਆ ਕਿ ਜਿੱਥੇ ਹੋਰਨਾਂ ਰੈਗੂਲਰ ਕਰਮਚਾਰੀਆਂ ਨੂੰ ਛੇਵੇਂ ਪੇ ਕਮਿਸ਼ਨ ਦਾ ਲਾਭ ਦਿੱਤਾ ਗਿਆ ਹੈ। ਉੱਥੇ ਸੂਬੇ ਭਰ ਦੇ ਕੰਪਿਊਟਰ ਅਧਿਆਪਕਾਂ ਨੂੰ ਇਸ ਲਾਭ ਤੋਂ ਵਾਂਝਾ ਰੱਖਿਆ ਗਿਆ ਹੈ ਇਸੇ ਤਰ੍ਹਾਂ ਰੈਗੂਲਰ ਹੋਣ ਤੋਂ 13 ਸਾਲ ਮਗਰੋਂ ਵੀ ਅੱਜ ਤੱਕ ਕਿਸੇ ਵੀ ਕੰਪਿਊਟਰ ਅਧਿਆਪਕ ਨੂੰ ਮੈਡੀਕਲ ਰਿਇੰਬਰਸਮੈਂਟ ਵਰਗੀ ਜ਼ਰੂਰੀ ਸਹੂਲਤ ਨਹੀਂ ਦਿੱਤੀ ਗਈ, ਜਿਸ ਦੇ ਚਲਦੇ ਪਿਛਲੇ ਸਮੇਂ ਦੌਰਾਨ ਕਈ ਕੰਪਿਊਟਰ ਅਧਿਆਪਕ ਗੰਭੀਰ ਬਿਮਾਰੀਆਂ ਦੇ ਚਲਦੇ ਮੌਤ ਦੇ ਮੂੰਹ ਵਿੱਚ ਚਲੇ ਗਏ ਹਨ, ਕਿਉਂਕਿ ਉਹ ਆਰਥਿਕ ਤੰਗੀ ਹੋਣ ਕਾਰਨ ਮਹਿੰਗੇ ਇਲਾਜ ਕਰਨ ਵਿੱਚ ਅਸਮਰਥ ਰਹੇ। ਇਨ੍ਹਾਂ ਹੀ ਨਹੀਂ ਵਰਤਮਾਨ ਵਿੱਚ ਵੀ ਕਈ ਕੰਪਿਊਟਰ ਅਧਿਆਪਕ ਖ਼ੁਦ ਜਾਂ ਉਨ੍ਹਾਂ ਦੇ ਪਰਿਵਾਰ ਦਾ ਕੋਈ ਮੈਂਬਰ ਵੱਖ-ਵੱਖ ਗੰਭੀਰ ਬਿਮਾਰੀਆਂ ਤੋਂ ਪੀੜਿਤ ਹਨ ਜੋ ਕਿ ਮੈਡੀਕਲ
ਰਿਇੰਬਰਸਮੈਂਟ ਵਰਗੀ ਜ਼ਰੂਰੀ ਸਹਾਇਤਾ ਨਾ ਮਿਲਣ ਕਰਕੇ ਆਪਣਾ ਇਲਾਜ ਕਰਾਉਣ ਵਿੱਚ ਅਸਮਰਥ ਹਨ ਪਰ ਸਰਕਾਰ ਇਸ ਗੰਭੀਰ ਸਮੱਸਿਆ ਵੱਲ ਬਿਲਕੁਲ ਵੀ ਧਿਆਨ ਨਹੀਂ ਦੇ ਰਹੀ। ਉਹਨਾਂ ਦੱਸਿਆ ਕਿ ਵਿਧਾਨ ਸਭਾ ਚੋਣਾਂ ਤੋਂ ਪਹਿਲਾਂ ਮੁੱਖ ਮੰਤਰੀ ਭਗਵੰਤ ਸਿੰਘ ਮਾਨ ਵਿੱਤ ਮੰਤਰੀ ਹਰਪਾਲ ਸਿੰਘ ਚੀਮਾ ਅਤੇ ਸਿੱਖਿਆ ਮੰਤਰੀ ਹਰਜੋਤ ਸਿੰਘ ਬੈਂਸ ਜਿੱਥੇ ਕੰਪਿਊਟਰ ਅਧਿਆਪਕਾਂ ਦੇ ਮੰਚਾਂ ਤੋਂ ਇਹ ਕਹਿ ਪਿਛਲੀਆਂ ਸਰਕਾਰਾਂ ਨੂੰ ਕੋਸਦੇ ਰਹੇ ਹਨ ਉੱਥੇ ਹੁਣ ਜਦੋਂ ਉਹਨਾਂ ਦੀ ਆਪਣੀ ਸਰਕਾਰ ਹੈ ਉਹ ਕੰਪਿਊਟਰ ਅਧਿਆਪਕਾਂ ਦੇ ਨਾਲ ਗੱਲ ਕਰਨ ਲਈ ਵੀ ਤਿਆਰ ਨਹੀਂ ਹੈ। ਇਸ ਮੌਕੇ ਤੇ ਮੌਜੂਦ ਵੱਖ-ਵੱਖ ਅਧਿਆਪਕ ਅਤੇ ਹੋਰਨਾਂ ਜਥੇਬੰਦੀਆਂ ਦੇ ਆਗੂਆਂ ਨੇ ਵੀ ਸਰਕਾਰ ਦੀ ਕਰੜੇ ਸ਼ਬਦਾਂ ਵਿੱਚ ਨਿੰਦਾ ਕਰਦੇ ਹੋਏ ਕੰਪਿਊਟਰ ਅਧਿਆਪਕਾਂ ਦੇ ਹੱਕ ਬਹਾਲ ਕਰਨ ਦੀ ਮੰਗ ਕੀਤੀ ਤੇ ਨਾਲ ਹੀ ਚੇਤਾਵਨੀ ਦਿੱਤੀ ਕਿ ਜੇਕਰ ਸਰਕਾਰ ਨੇ ਇਸ ਦੇ ਨਤੀਜੇ ਭੁਗਤਣ ਦੇ ਲਈ ਤਿਆਰ ਰਹਿਣਾ ਹੋਵੇਗਾ। ਇਸ ਮੌਕੇ ਡੀ ਐਡ ਤੋਂ ਸ੍ਰੀ ਮੁਕੇਸ਼ ਕੁਮਾਰ, ਸ੍ਰੀ ਸੁਖਦੇਵ ਡਾਨਸੀਵਾਲ, ਸ੍ਰੀ ਗੁਰਦਿਆਲ ਸਿੰਘ ਮਾਨ, ਸ੍ਰੀ ਨਰਿੰਦਰ ਜੋਤ ਸਿੰਘ,ਸ੍ਰੀ ਜਗਜੀਤ ਰਾਏ ਸ਼ਾਮਲ ਹੋਏ।
